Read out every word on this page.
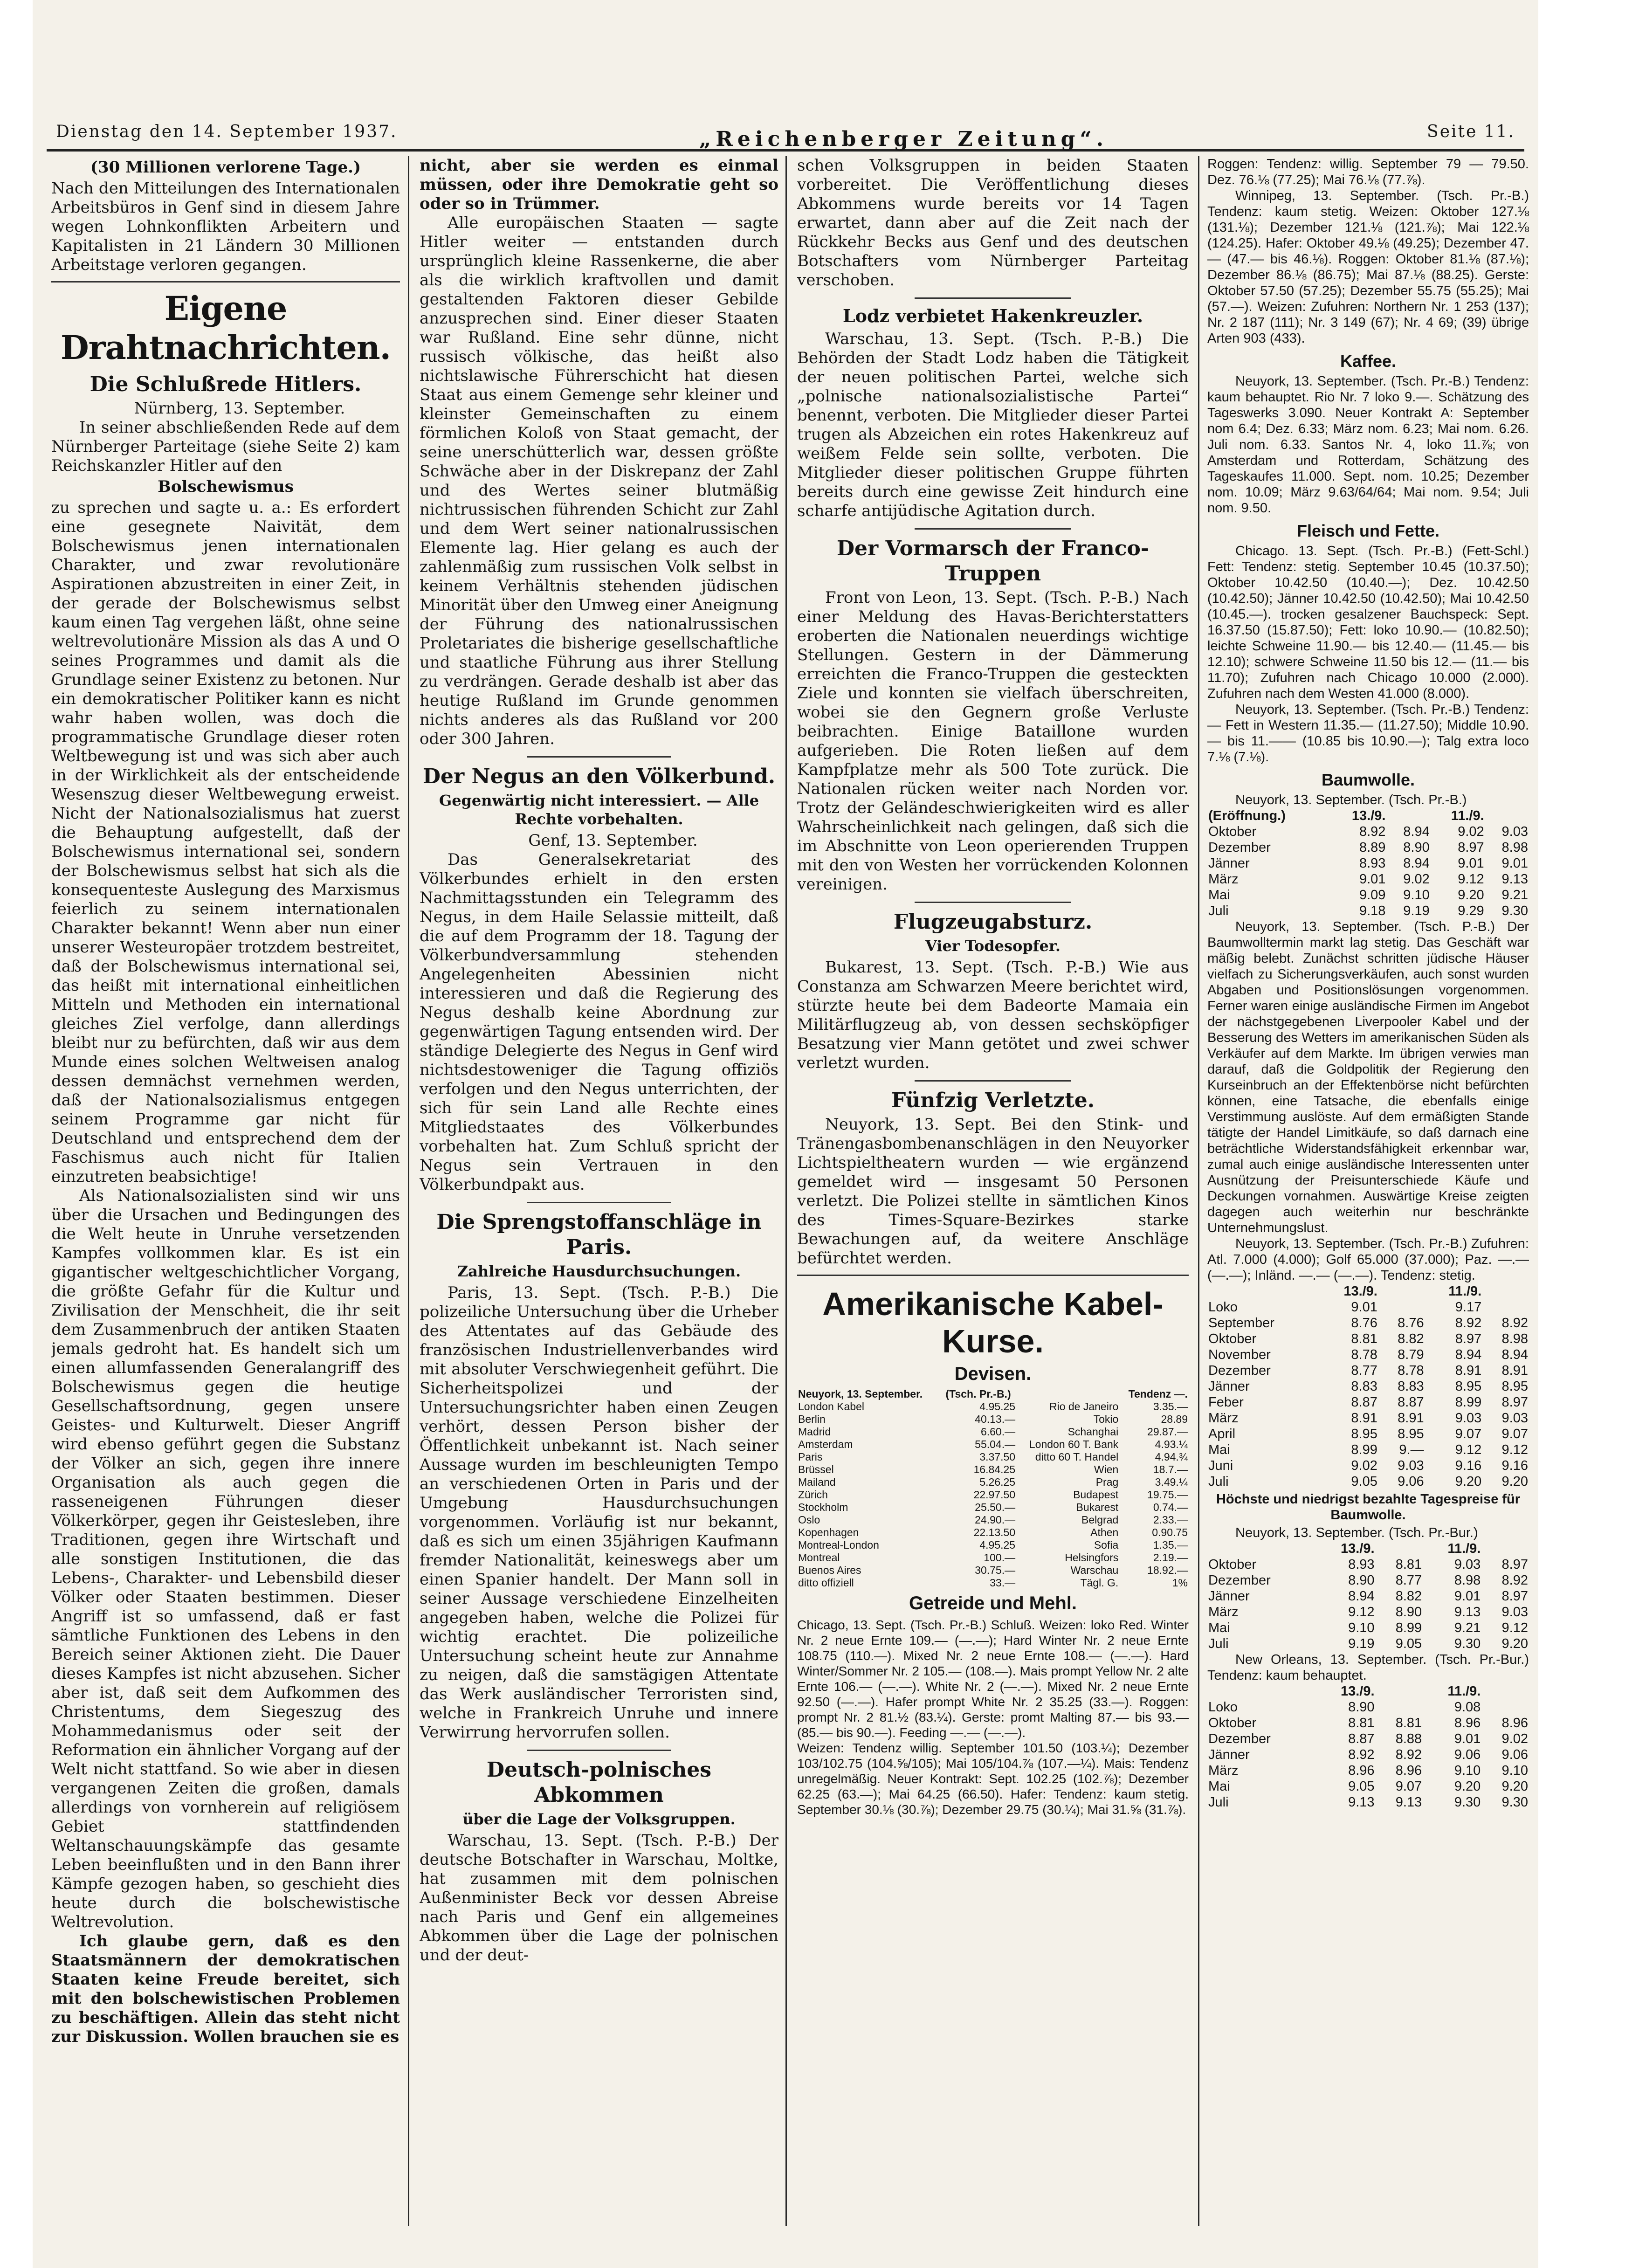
Dienstag den 14. September 1937.	„Reichenberger Zeitung“.	Seite 11.

(30 Millionen verlorene Tage.)

Nach den Mitteilungen des Internationalen Arbeitsbüros in Genf sind in diesem Jahre wegen Lohnkonflikten Arbeitern und Kapitalisten in 21 Ländern 30 Millionen Arbeitstage verloren gegangen.

Eigene Drahtnachrichten.
Die Schlußrede Hitlers.

Nürnberg, 13. September.

In seiner abschließenden Rede auf dem Nürnberger Parteitage (siehe Seite 2) kam Reichskanzler Hitler auf den

Bolschewismus

zu sprechen und sagte u. a.: Es erfordert eine gesegnete Naivität, dem Bolschewismus jenen internationalen Charakter, und zwar revolutionäre Aspirationen abzustreiten in einer Zeit, in der gerade der Bolschewismus selbst kaum einen Tag vergehen läßt, ohne seine weltrevolutionäre Mission als das A und O seines Programmes und damit als die Grundlage seiner Existenz zu betonen. Nur ein demokratischer Politiker kann es nicht wahr haben wollen, was doch die programmatische Grundlage dieser roten Weltbewegung ist und was sich aber auch in der Wirklichkeit als der entscheidende Wesenszug dieser Weltbewegung erweist. Nicht der Nationalsozialismus hat zuerst die Behauptung aufgestellt, daß der Bolschewismus international sei, sondern der Bolschewismus selbst hat sich als die konsequenteste Auslegung des Marxismus feierlich zu seinem internationalen Charakter bekannt! Wenn aber nun einer unserer Westeuropäer trotzdem bestreitet, daß der Bolschewismus international sei, das heißt mit international einheitlichen Mitteln und Methoden ein international gleiches Ziel verfolge, dann allerdings bleibt nur zu befürchten, daß wir aus dem Munde eines solchen Weltweisen analog dessen demnächst vernehmen werden, daß der Nationalsozialismus entgegen seinem Programme gar nicht für Deutschland und entsprechend dem der Faschismus auch nicht für Italien einzutreten beabsichtige!

Als Nationalsozialisten sind wir uns über die Ursachen und Bedingungen des die Welt heute in Unruhe versetzenden Kampfes vollkommen klar. Es ist ein gigantischer weltgeschichtlicher Vorgang, die größte Gefahr für die Kultur und Zivilisation der Menschheit, die ihr seit dem Zusammenbruch der antiken Staaten jemals gedroht hat. Es handelt sich um einen allumfassenden Generalangriff des Bolschewismus gegen die heutige Gesellschaftsordnung, gegen unsere Geistes- und Kulturwelt. Dieser Angriff wird ebenso geführt gegen die Substanz der Völker an sich, gegen ihre innere Organisation als auch gegen die rasseneigenen Führungen dieser Völkerkörper, gegen ihr Geistesleben, ihre Traditionen, gegen ihre Wirtschaft und alle sonstigen Institutionen, die das Lebens-, Charakter- und Lebensbild dieser Völker oder Staaten bestimmen. Dieser Angriff ist so umfassend, daß er fast sämtliche Funktionen des Lebens in den Bereich seiner Aktionen zieht. Die Dauer dieses Kampfes ist nicht abzusehen. Sicher aber ist, daß seit dem Aufkommen des Christentums, dem Siegeszug des Mohammedanismus oder seit der Reformation ein ähnlicher Vorgang auf der Welt nicht stattfand. So wie aber in diesen vergangenen Zeiten die großen, damals allerdings von vornherein auf religiösem Gebiet stattfindenden Weltanschauungskämpfe das gesamte Leben beeinflußten und in den Bann ihrer Kämpfe gezogen haben, so geschieht dies heute durch die bolschewistische Weltrevolution.

Ich glaube gern, daß es den Staatsmännern der demokratischen Staaten keine Freude bereitet, sich mit den bolschewistischen Problemen zu beschäftigen. Allein das steht nicht zur Diskussion. Wollen brauchen sie es

nicht, aber sie werden es einmal müssen, oder ihre Demokratie geht so oder so in Trümmer.

Alle europäischen Staaten — sagte Hitler weiter — entstanden durch ursprünglich kleine Rassenkerne, die aber als die wirklich kraftvollen und damit gestaltenden Faktoren dieser Gebilde anzusprechen sind. Einer dieser Staaten war Rußland. Eine sehr dünne, nicht russisch völkische, das heißt also nichtslawische Führerschicht hat diesen Staat aus einem Gemenge sehr kleiner und kleinster Gemeinschaften zu einem förmlichen Koloß von Staat gemacht, der seine unerschütterlich war, dessen größte Schwäche aber in der Diskrepanz der Zahl und des Wertes seiner blutmäßig nichtrussischen führenden Schicht zur Zahl und dem Wert seiner nationalrussischen Elemente lag. Hier gelang es auch der zahlenmäßig zum russischen Volk selbst in keinem Verhältnis stehenden jüdischen Minorität über den Umweg einer Aneignung der Führung des nationalrussischen Proletariates die bisherige gesellschaftliche und staatliche Führung aus ihrer Stellung zu verdrängen. Gerade deshalb ist aber das heutige Rußland im Grunde genommen nichts anderes als das Rußland vor 200 oder 300 Jahren.

Der Negus an den Völkerbund.
Gegenwärtig nicht interessiert. — Alle Rechte vorbehalten.

Genf, 13. September.

Das Generalsekretariat des Völkerbundes erhielt in den ersten Nachmittagsstunden ein Telegramm des Negus, in dem Haile Selassie mitteilt, daß die auf dem Programm der 18. Tagung der Völkerbundversammlung stehenden Angelegenheiten Abessinien nicht interessieren und daß die Regierung des Negus deshalb keine Abordnung zur gegenwärtigen Tagung entsenden wird. Der ständige Delegierte des Negus in Genf wird nichtsdestoweniger die Tagung offiziös verfolgen und den Negus unterrichten, der sich für sein Land alle Rechte eines Mitgliedstaates des Völkerbundes vorbehalten hat. Zum Schluß spricht der Negus sein Vertrauen in den Völkerbundpakt aus.

Die Sprengstoffanschläge in Paris.
Zahlreiche Hausdurchsuchungen.

Paris, 13. Sept. (Tsch. P.-B.) Die polizeiliche Untersuchung über die Urheber des Attentates auf das Gebäude des französischen Industriellenverbandes wird mit absoluter Verschwiegenheit geführt. Die Sicherheitspolizei und der Untersuchungsrichter haben einen Zeugen verhört, dessen Person bisher der Öffentlichkeit unbekannt ist. Nach seiner Aussage wurden im beschleunigten Tempo an verschiedenen Orten in Paris und der Umgebung Hausdurchsuchungen vorgenommen. Vorläufig ist nur bekannt, daß es sich um einen 35jährigen Kaufmann fremder Nationalität, keineswegs aber um einen Spanier handelt. Der Mann soll in seiner Aussage verschiedene Einzelheiten angegeben haben, welche die Polizei für wichtig erachtet. Die polizeiliche Untersuchung scheint heute zur Annahme zu neigen, daß die samstägigen Attentate das Werk ausländischer Terroristen sind, welche in Frankreich Unruhe und innere Verwirrung hervorrufen sollen.

Deutsch-polnisches Abkommen
über die Lage der Volksgruppen.

Warschau, 13. Sept. (Tsch. P.-B.) Der deutsche Botschafter in Warschau, Moltke, hat zusammen mit dem polnischen Außenminister Beck vor dessen Abreise nach Paris und Genf ein allgemeines Abkommen über die Lage der polnischen und der deut-

schen Volksgruppen in beiden Staaten vorbereitet. Die Veröffentlichung dieses Abkommens wurde bereits vor 14 Tagen erwartet, dann aber auf die Zeit nach der Rückkehr Becks aus Genf und des deutschen Botschafters vom Nürnberger Parteitag verschoben.

Lodz verbietet Hakenkreuzler.

Warschau, 13. Sept. (Tsch. P.-B.) Die Behörden der Stadt Lodz haben die Tätigkeit der neuen politischen Partei, welche sich „polnische nationalsozialistische Partei“ benennt, verboten. Die Mitglieder dieser Partei trugen als Abzeichen ein rotes Hakenkreuz auf weißem Felde sein sollte, verboten. Die Mitglieder dieser politischen Gruppe führten bereits durch eine gewisse Zeit hindurch eine scharfe antijüdische Agitation durch.

Der Vormarsch der Franco-Truppen

Front von Leon, 13. Sept. (Tsch. P.-B.) Nach einer Meldung des Havas-Berichterstatters eroberten die Nationalen neuerdings wichtige Stellungen. Gestern in der Dämmerung erreichten die Franco-Truppen die gesteckten Ziele und konnten sie vielfach überschreiten, wobei sie den Gegnern große Verluste beibrachten. Einige Bataillone wurden aufgerieben. Die Roten ließen auf dem Kampfplatze mehr als 500 Tote zurück. Die Nationalen rücken weiter nach Norden vor. Trotz der Geländeschwierigkeiten wird es aller Wahrscheinlichkeit nach gelingen, daß sich die im Abschnitte von Leon operierenden Truppen mit den von Westen her vorrückenden Kolonnen vereinigen.

Flugzeugabsturz.
Vier Todesopfer.

Bukarest, 13. Sept. (Tsch. P.-B.) Wie aus Constanza am Schwarzen Meere berichtet wird, stürzte heute bei dem Badeorte Mamaia ein Militärflugzeug ab, von dessen sechsköpfiger Besatzung vier Mann getötet und zwei schwer verletzt wurden.

Fünfzig Verletzte.

Neuyork, 13. Sept. Bei den Stink- und Tränengasbombenanschlägen in den Neuyorker Lichtspieltheatern wurden — wie ergänzend gemeldet wird — insgesamt 50 Personen verletzt. Die Polizei stellte in sämtlichen Kinos des Times-Square-Bezirkes starke Bewachungen auf, da weitere Anschläge befürchtet werden.

Amerikanische Kabel-
Kurse.
Devisen.
Neuyork, 13. September.	(Tsch. Pr.-B.)		Tendenz —.
London Kabel	4.95.25	Rio de Janeiro	3.35.—
Berlin	40.13.—	Tokio	28.89
Madrid	6.60.—	Schanghai	29.87.—
Amsterdam	55.04.—	London 60 T. Bank	4.93.¼
Paris	3.37.50	ditto 60 T. Handel	4.94.¾
Brüssel	16.84.25	Wien	18.7.—
Mailand	5.26.25	Prag	3.49.¼
Zürich	22.97.50	Budapest	19.75.—
Stockholm	25.50.—	Bukarest	0.74.—
Oslo	24.90.—	Belgrad	2.33.—
Kopenhagen	22.13.50	Athen	0.90.75
Montreal-London	4.95.25	Sofia	1.35.—
Montreal	100.—	Helsingfors	2.19.—
Buenos Aires	30.75.—	Warschau	18.92.—
ditto offiziell	33.—	Tägl. G.	1%
Getreide und Mehl.

Chicago, 13. Sept. (Tsch. Pr.-B.) Schluß. Weizen: loko Red. Winter Nr. 2 neue Ernte 109.— (—.—); Hard Winter Nr. 2 neue Ernte 108.75 (110.—). Mixed Nr. 2 neue Ernte 108.— (—.—). Hard Winter/Sommer Nr. 2 105.— (108.—). Mais prompt Yellow Nr. 2 alte Ernte 106.— (—.—). White Nr. 2 (—.—). Mixed Nr. 2 neue Ernte 92.50 (—.—). Hafer prompt White Nr. 2 35.25 (33.—). Roggen: prompt Nr. 2 81.½ (83.¼). Gerste: promt Malting 87.— bis 93.— (85.— bis 90.—). Feeding —.— (—.—).

Weizen: Tendenz willig. September 101.50 (103.¼); Dezember 103/102.75 (104.⅝/105); Mai 105/104.⅞ (107.—¼). Mais: Tendenz unregelmäßig. Neuer Kontrakt: Sept. 102.25 (102.⅞); Dezember 62.25 (63.—); Mai 64.25 (66.50). Hafer: Tendenz: kaum stetig. September 30.⅛ (30.⅞); Dezember 29.75 (30.¼); Mai 31.⅝ (31.⅞).

Roggen: Tendenz: willig. September 79 — 79.50. Dez. 76.⅛ (77.25); Mai 76.⅛ (77.⅞).

Winnipeg, 13. September. (Tsch. Pr.-B.) Tendenz: kaum stetig. Weizen: Oktober 127.⅛ (131.⅛); Dezember 121.⅛ (121.⅞); Mai 122.⅛ (124.25). Hafer: Oktober 49.⅛ (49.25); Dezember 47.— (47.— bis 46.⅛). Roggen: Oktober 81.⅛ (87.⅛); Dezember 86.⅛ (86.75); Mai 87.⅛ (88.25). Gerste: Oktober 57.50 (57.25); Dezember 55.75 (55.25); Mai (57.—). Weizen: Zufuhren: Northern Nr. 1 253 (137); Nr. 2 187 (111); Nr. 3 149 (67); Nr. 4 69; (39) übrige Arten 903 (433).

Kaffee.

Neuyork, 13. September. (Tsch. Pr.-B.) Tendenz: kaum behauptet. Rio Nr. 7 loko 9.—. Schätzung des Tageswerks 3.090. Neuer Kontrakt A: September nom 6.4; Dez. 6.33; März nom. 6.23; Mai nom. 6.26. Juli nom. 6.33. Santos Nr. 4, loko 11.⅞; von Amsterdam und Rotterdam, Schätzung des Tageskaufes 11.000. Sept. nom. 10.25; Dezember nom. 10.09; März 9.63/64/64; Mai nom. 9.54; Juli nom. 9.50.

Fleisch und Fette.

Chicago. 13. Sept. (Tsch. Pr.-B.) (Fett-Schl.) Fett: Tendenz: stetig. September 10.45 (10.37.50); Oktober 10.42.50 (10.40.—); Dez. 10.42.50 (10.42.50); Jänner 10.42.50 (10.42.50); Mai 10.42.50 (10.45.—). trocken gesalzener Bauchspeck: Sept. 16.37.50 (15.87.50); Fett: loko 10.90.— (10.82.50); leichte Schweine 11.90.— bis 12.40.— (11.45.— bis 12.10); schwere Schweine 11.50 bis 12.— (11.— bis 11.70); Zufuhren nach Chicago 10.000 (2.000). Zufuhren nach dem Westen 41.000 (8.000).

Neuyork, 13. September. (Tsch. Pr.-B.) Tendenz: — Fett in Western 11.35.— (11.27.50); Middle 10.90.— bis 11.—— (10.85 bis 10.90.—); Talg extra loco 7.⅛ (7.⅛).

Baumwolle.

Neuyork, 13. September. (Tsch. Pr.-B.)

(Eröffnung.)	13./9.		11./9.	
Oktober	8.92	8.94	9.02	9.03
Dezember	8.89	8.90	8.97	8.98
Jänner	8.93	8.94	9.01	9.01
März	9.01	9.02	9.12	9.13
Mai	9.09	9.10	9.20	9.21
Juli	9.18	9.19	9.29	9.30

Neuyork, 13. September. (Tsch. P.-B.) Der Baumwolltermin markt lag stetig. Das Geschäft war mäßig belebt. Zunächst schritten jüdische Häuser vielfach zu Sicherungsverkäufen, auch sonst wurden Abgaben und Positionslösungen vorgenommen. Ferner waren einige ausländische Firmen im Angebot der nächstgegebenen Liverpooler Kabel und der Besserung des Wetters im amerikanischen Süden als Verkäufer auf dem Markte. Im übrigen verwies man darauf, daß die Goldpolitik der Regierung den Kurseinbruch an der Effektenbörse nicht befürchten können, eine Tatsache, die ebenfalls einige Verstimmung auslöste. Auf dem ermäßigten Stande tätigte der Handel Limitkäufe, so daß darnach eine beträchtliche Widerstandsfähigkeit erkennbar war, zumal auch einige ausländische Interessenten unter Ausnützung der Preisunterschiede Käufe und Deckungen vornahmen. Auswärtige Kreise zeigten dagegen auch weiterhin nur beschränkte Unternehmungslust.

Neuyork, 13. September. (Tsch. Pr.-B.) Zufuhren: Atl. 7.000 (4.000); Golf 65.000 (37.000); Paz. —.— (—.—); Inländ. —.— (—.—). Tendenz: stetig.

	13./9.		11./9.	
Loko	9.01		9.17	
September	8.76	8.76	8.92	8.92
Oktober	8.81	8.82	8.97	8.98
November	8.78	8.79	8.94	8.94
Dezember	8.77	8.78	8.91	8.91
Jänner	8.83	8.83	8.95	8.95
Feber	8.87	8.87	8.99	8.97
März	8.91	8.91	9.03	9.03
April	8.95	8.95	9.07	9.07
Mai	8.99	9.—	9.12	9.12
Juni	9.02	9.03	9.16	9.16
Juli	9.05	9.06	9.20	9.20

Höchste und niedrigst bezahlte Tagespreise für Baumwolle.

Neuyork, 13. September. (Tsch. Pr.-Bur.)

	13./9.		11./9.	
Oktober	8.93	8.81	9.03	8.97
Dezember	8.90	8.77	8.98	8.92
Jänner	8.94	8.82	9.01	8.97
März	9.12	8.90	9.13	9.03
Mai	9.10	8.99	9.21	9.12
Juli	9.19	9.05	9.30	9.20

New Orleans, 13. September. (Tsch. Pr.-Bur.) Tendenz: kaum behauptet.

	13./9.		11./9.	
Loko	8.90		9.08	
Oktober	8.81	8.81	8.96	8.96
Dezember	8.87	8.88	9.01	9.02
Jänner	8.92	8.92	9.06	9.06
März	8.96	8.96	9.10	9.10
Mai	9.05	9.07	9.20	9.20
Juli	9.13	9.13	9.30	9.30
